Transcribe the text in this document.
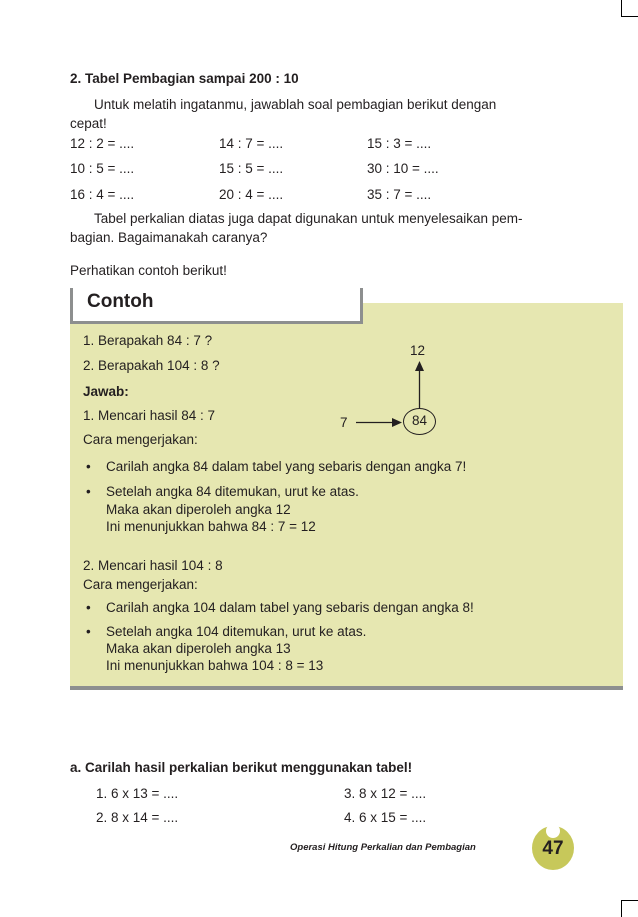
2. Tabel Pembagian sampai 200 : 10
Untuk melatih ingatanmu, jawablah soal pembagian berikut dengan
cepat!
12 : 2 = ....	14 : 7 = ....	15 : 3 = ....
10 : 5 = ....	15 : 5 = ....	30 : 10 = ....
16 : 4 = ....	20 : 4 = ....	35 : 7 = ....
Tabel perkalian diatas juga dapat digunakan untuk menyelesaikan pem-
bagian. Bagaimanakah caranya?
Perhatikan contoh berikut!
Contoh
1. Berapakah 84 : 7 ?
2. Berapakah 104 : 8 ?
Jawab:
1. Mencari hasil 84 : 7
Cara mengerjakan:
• Carilah angka 84 dalam tabel yang sebaris dengan angka 7!
• Setelah angka 84 ditemukan, urut ke atas.
Maka akan diperoleh angka 12
Ini menunjukkan bahwa 84 : 7 = 12
2. Mencari hasil 104 : 8
Cara mengerjakan:
• Carilah angka 104 dalam tabel yang sebaris dengan angka 8!
• Setelah angka 104 ditemukan, urut ke atas.
Maka akan diperoleh angka 13
Ini menunjukkan bahwa 104 : 8 = 13
12
7	84
a. Carilah hasil perkalian berikut menggunakan tabel!
1. 6 x 13 = ....
2. 8 x 14 = ....
3. 8 x 12 = ....
4. 6 x 15 = ....
Operasi Hitung Perkalian dan Pembagian	47
